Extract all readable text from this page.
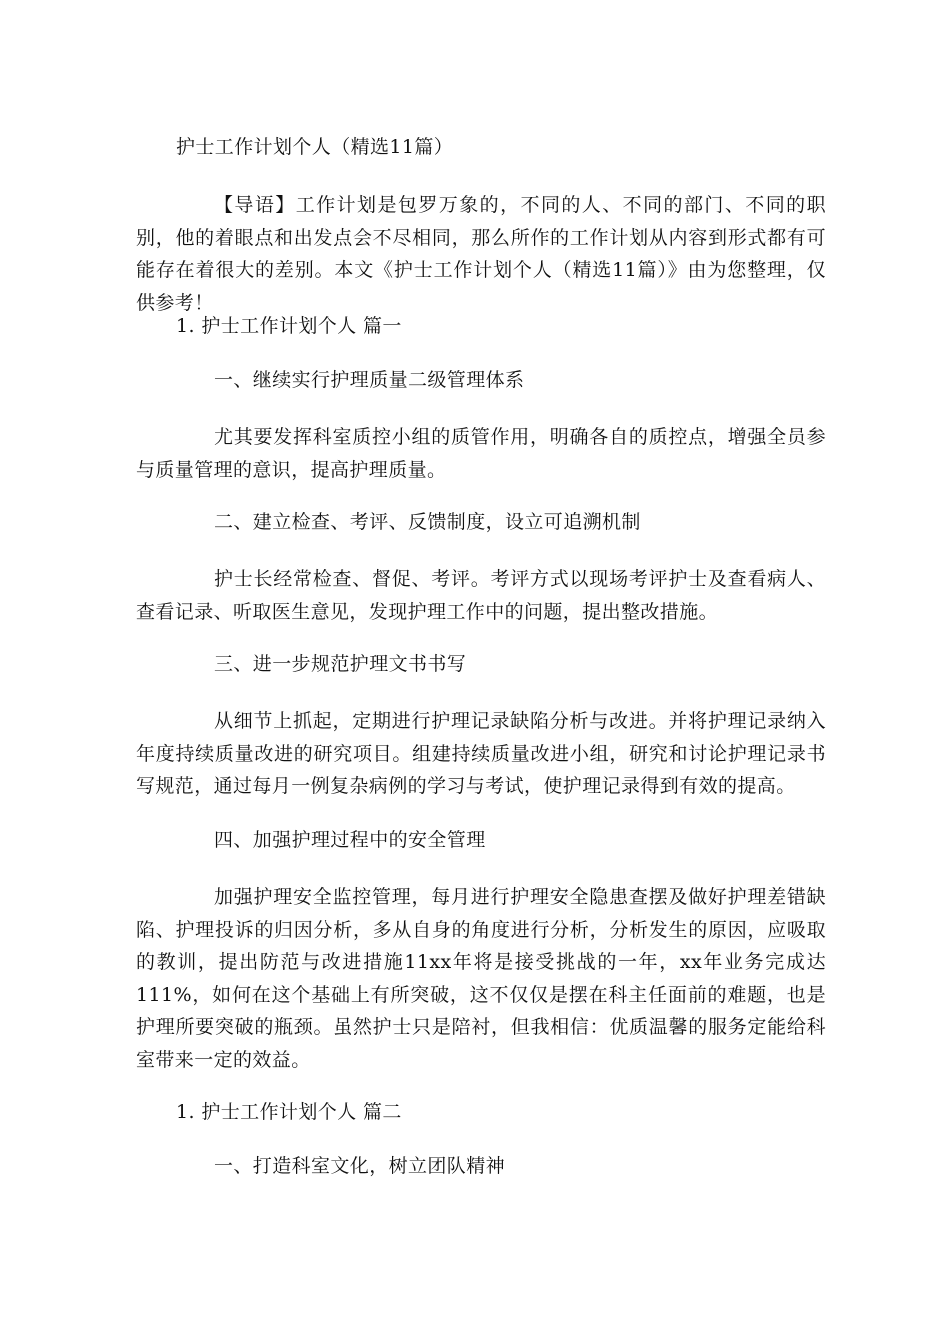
护士工作计划个人（精选11篇）
【导语】工作计划是包罗万象的，不同的人、不同的部门、不同的职别，他的着眼点和出发点会不尽相同，那么所作的工作计划从内容到形式都有可能存在着很大的差别。本文《护士工作计划个人（精选11篇）》由为您整理，仅供参考！
1. 护士工作计划个人 篇一
一、继续实行护理质量二级管理体系
尤其要发挥科室质控小组的质管作用，明确各自的质控点，增强全员参与质量管理的意识，提高护理质量。
二、建立检查、考评、反馈制度，设立可追溯机制
护士长经常检查、督促、考评。考评方式以现场考评护士及查看病人、查看记录、听取医生意见，发现护理工作中的问题，提出整改措施。
三、进一步规范护理文书书写
从细节上抓起，定期进行护理记录缺陷分析与改进。并将护理记录纳入年度持续质量改进的研究项目。组建持续质量改进小组，研究和讨论护理记录书写规范，通过每月一例复杂病例的学习与考试，使护理记录得到有效的提高。
四、加强护理过程中的安全管理
加强护理安全监控管理，每月进行护理安全隐患查摆及做好护理差错缺陷、护理投诉的归因分析，多从自身的角度进行分析，分析发生的原因，应吸取的教训，提出防范与改进措施11xx年将是接受挑战的一年，xx年业务完成达111%，如何在这个基础上有所突破，这不仅仅是摆在科主任面前的难题，也是护理所要突破的瓶颈。虽然护士只是陪衬，但我相信：优质温馨的服务定能给科室带来一定的效益。
1. 护士工作计划个人 篇二
一、打造科室文化，树立团队精神
